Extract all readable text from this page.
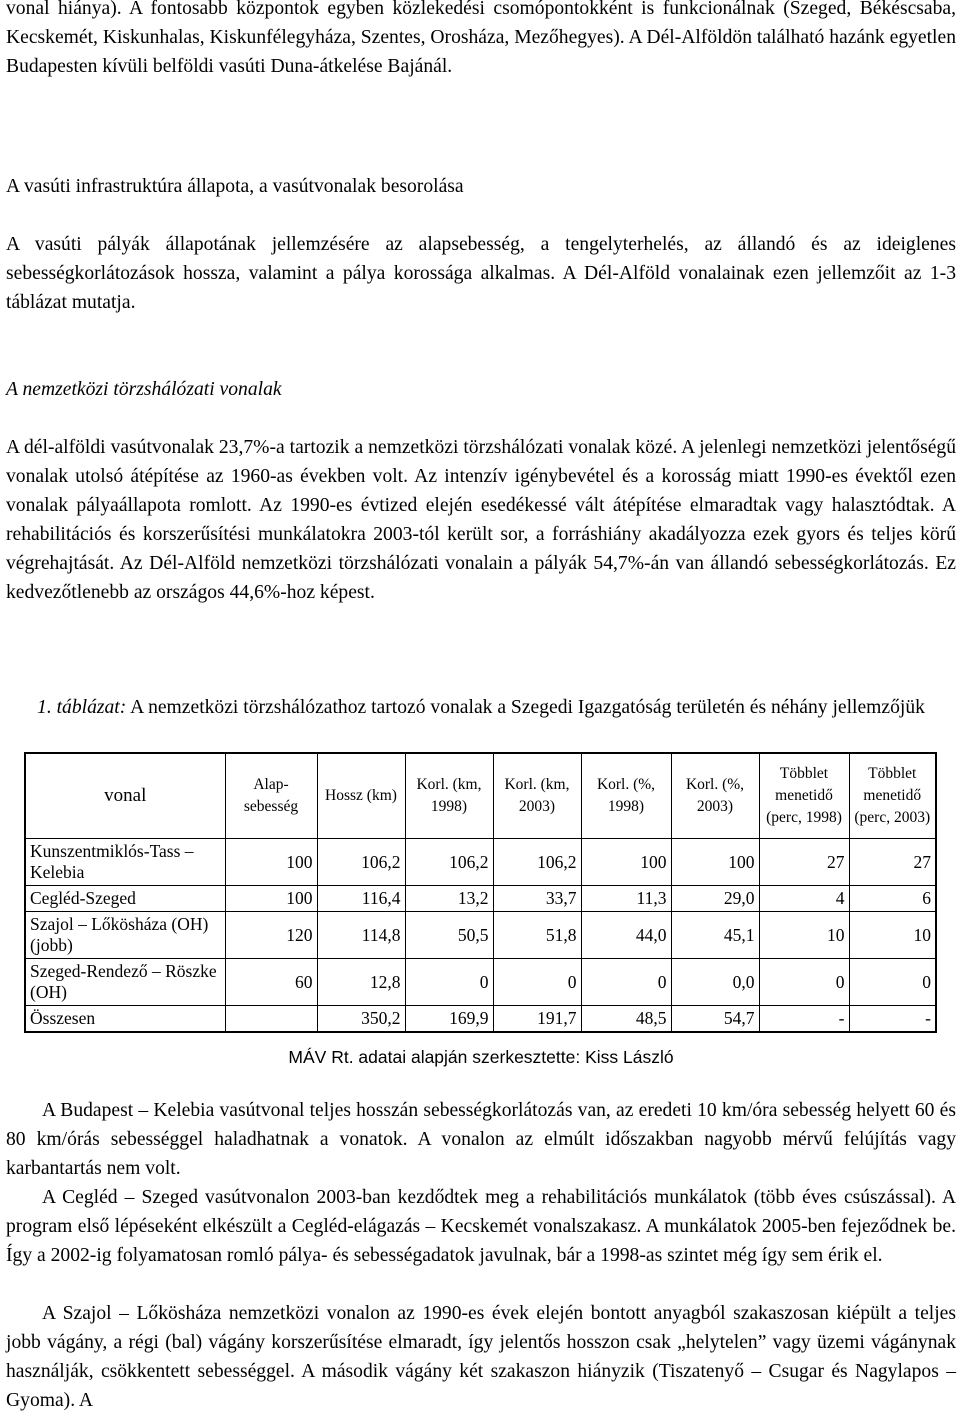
vonal hiánya). A fontosabb központok egyben közlekedési csomópontokként is funkcionálnak (Szeged, Békéscsaba, Kecskemét, Kiskunhalas, Kiskunfélegyháza, Szentes, Orosháza, Mezőhegyes). A Dél-Alföldön található hazánk egyetlen Budapesten kívüli belföldi vasúti Duna-átkelése Bajánál.

A vasúti infrastruktúra állapota, a vasútvonalak besorolása

A vasúti pályák állapotának jellemzésére az alapsebesség, a tengelyterhelés, az állandó és az ideiglenes sebességkorlátozások hossza, valamint a pálya korossága alkalmas. A Dél-Alföld vonalainak ezen jellemzőit az 1-3 táblázat mutatja.

A nemzetközi törzshálózati vonalak

A dél-alföldi vasútvonalak 23,7%-a tartozik a nemzetközi törzshálózati vonalak közé. A jelenlegi nemzetközi jelentőségű vonalak utolsó átépítése az 1960-as években volt. Az intenzív igénybevétel és a korosság miatt 1990-es évektől ezen vonalak pályaállapota romlott. Az 1990-es évtized elején esedékessé vált átépítése elmaradtak vagy halasztódtak. A rehabilitációs és korszerűsítési munkálatokra 2003-tól került sor, a forráshiány akadályozza ezek gyors és teljes körű végrehajtását. Az Dél-Alföld nemzetközi törzshálózati vonalain a pályák 54,7%-án van állandó sebességkorlátozás. Ez kedvezőtlenebb az országos 44,6%-hoz képest.

1. táblázat: A nemzetközi törzshálózathoz tartozó vonalak a Szegedi Igazgatóság területén és néhány jellemzőjük

vonal	Alap-sebesség	Hossz (km)	Korl. (km, 1998)	Korl. (km, 2003)	Korl. (%, 1998)	Korl. (%, 2003)	Többlet menetidő (perc, 1998)	Többlet menetidő (perc, 2003)
Kunszentmiklós-Tass – Kelebia	100	106,2	106,2	106,2	100	100	27	27
Cegléd-Szeged	100	116,4	13,2	33,7	11,3	29,0	4	6
Szajol – Lőkösháza (OH) (jobb)	120	114,8	50,5	51,8	44,0	45,1	10	10
Szeged-Rendező – Röszke (OH)	60	12,8	0	0	0	0,0	0	0
Összesen		350,2	169,9	191,7	48,5	54,7	-	-

MÁV Rt. adatai alapján szerkesztette: Kiss László

A Budapest – Kelebia vasútvonal teljes hosszán sebességkorlátozás van, az eredeti 10 km/óra sebesség helyett 60 és 80 km/órás sebességgel haladhatnak a vonatok. A vonalon az elmúlt időszakban nagyobb mérvű felújítás vagy karbantartás nem volt.

A Cegléd – Szeged vasútvonalon 2003-ban kezdődtek meg a rehabilitációs munkálatok (több éves csúszással). A program első lépéseként elkészült a Cegléd-elágazás – Kecskemét vonalszakasz. A munkálatok 2005-ben fejeződnek be. Így a 2002-ig folyamatosan romló pálya- és sebességadatok javulnak, bár a 1998-as szintet még így sem érik el.

A Szajol – Lőkösháza nemzetközi vonalon az 1990-es évek elején bontott anyagból szakaszosan kiépült a teljes jobb vágány, a régi (bal) vágány korszerűsítése elmaradt, így jelentős hosszon csak „helytelen” vagy üzemi vágánynak használják, csökkentett sebességgel. A második vágány két szakaszon hiányzik (Tiszatenyő – Csugar és Nagylapos – Gyoma). A
